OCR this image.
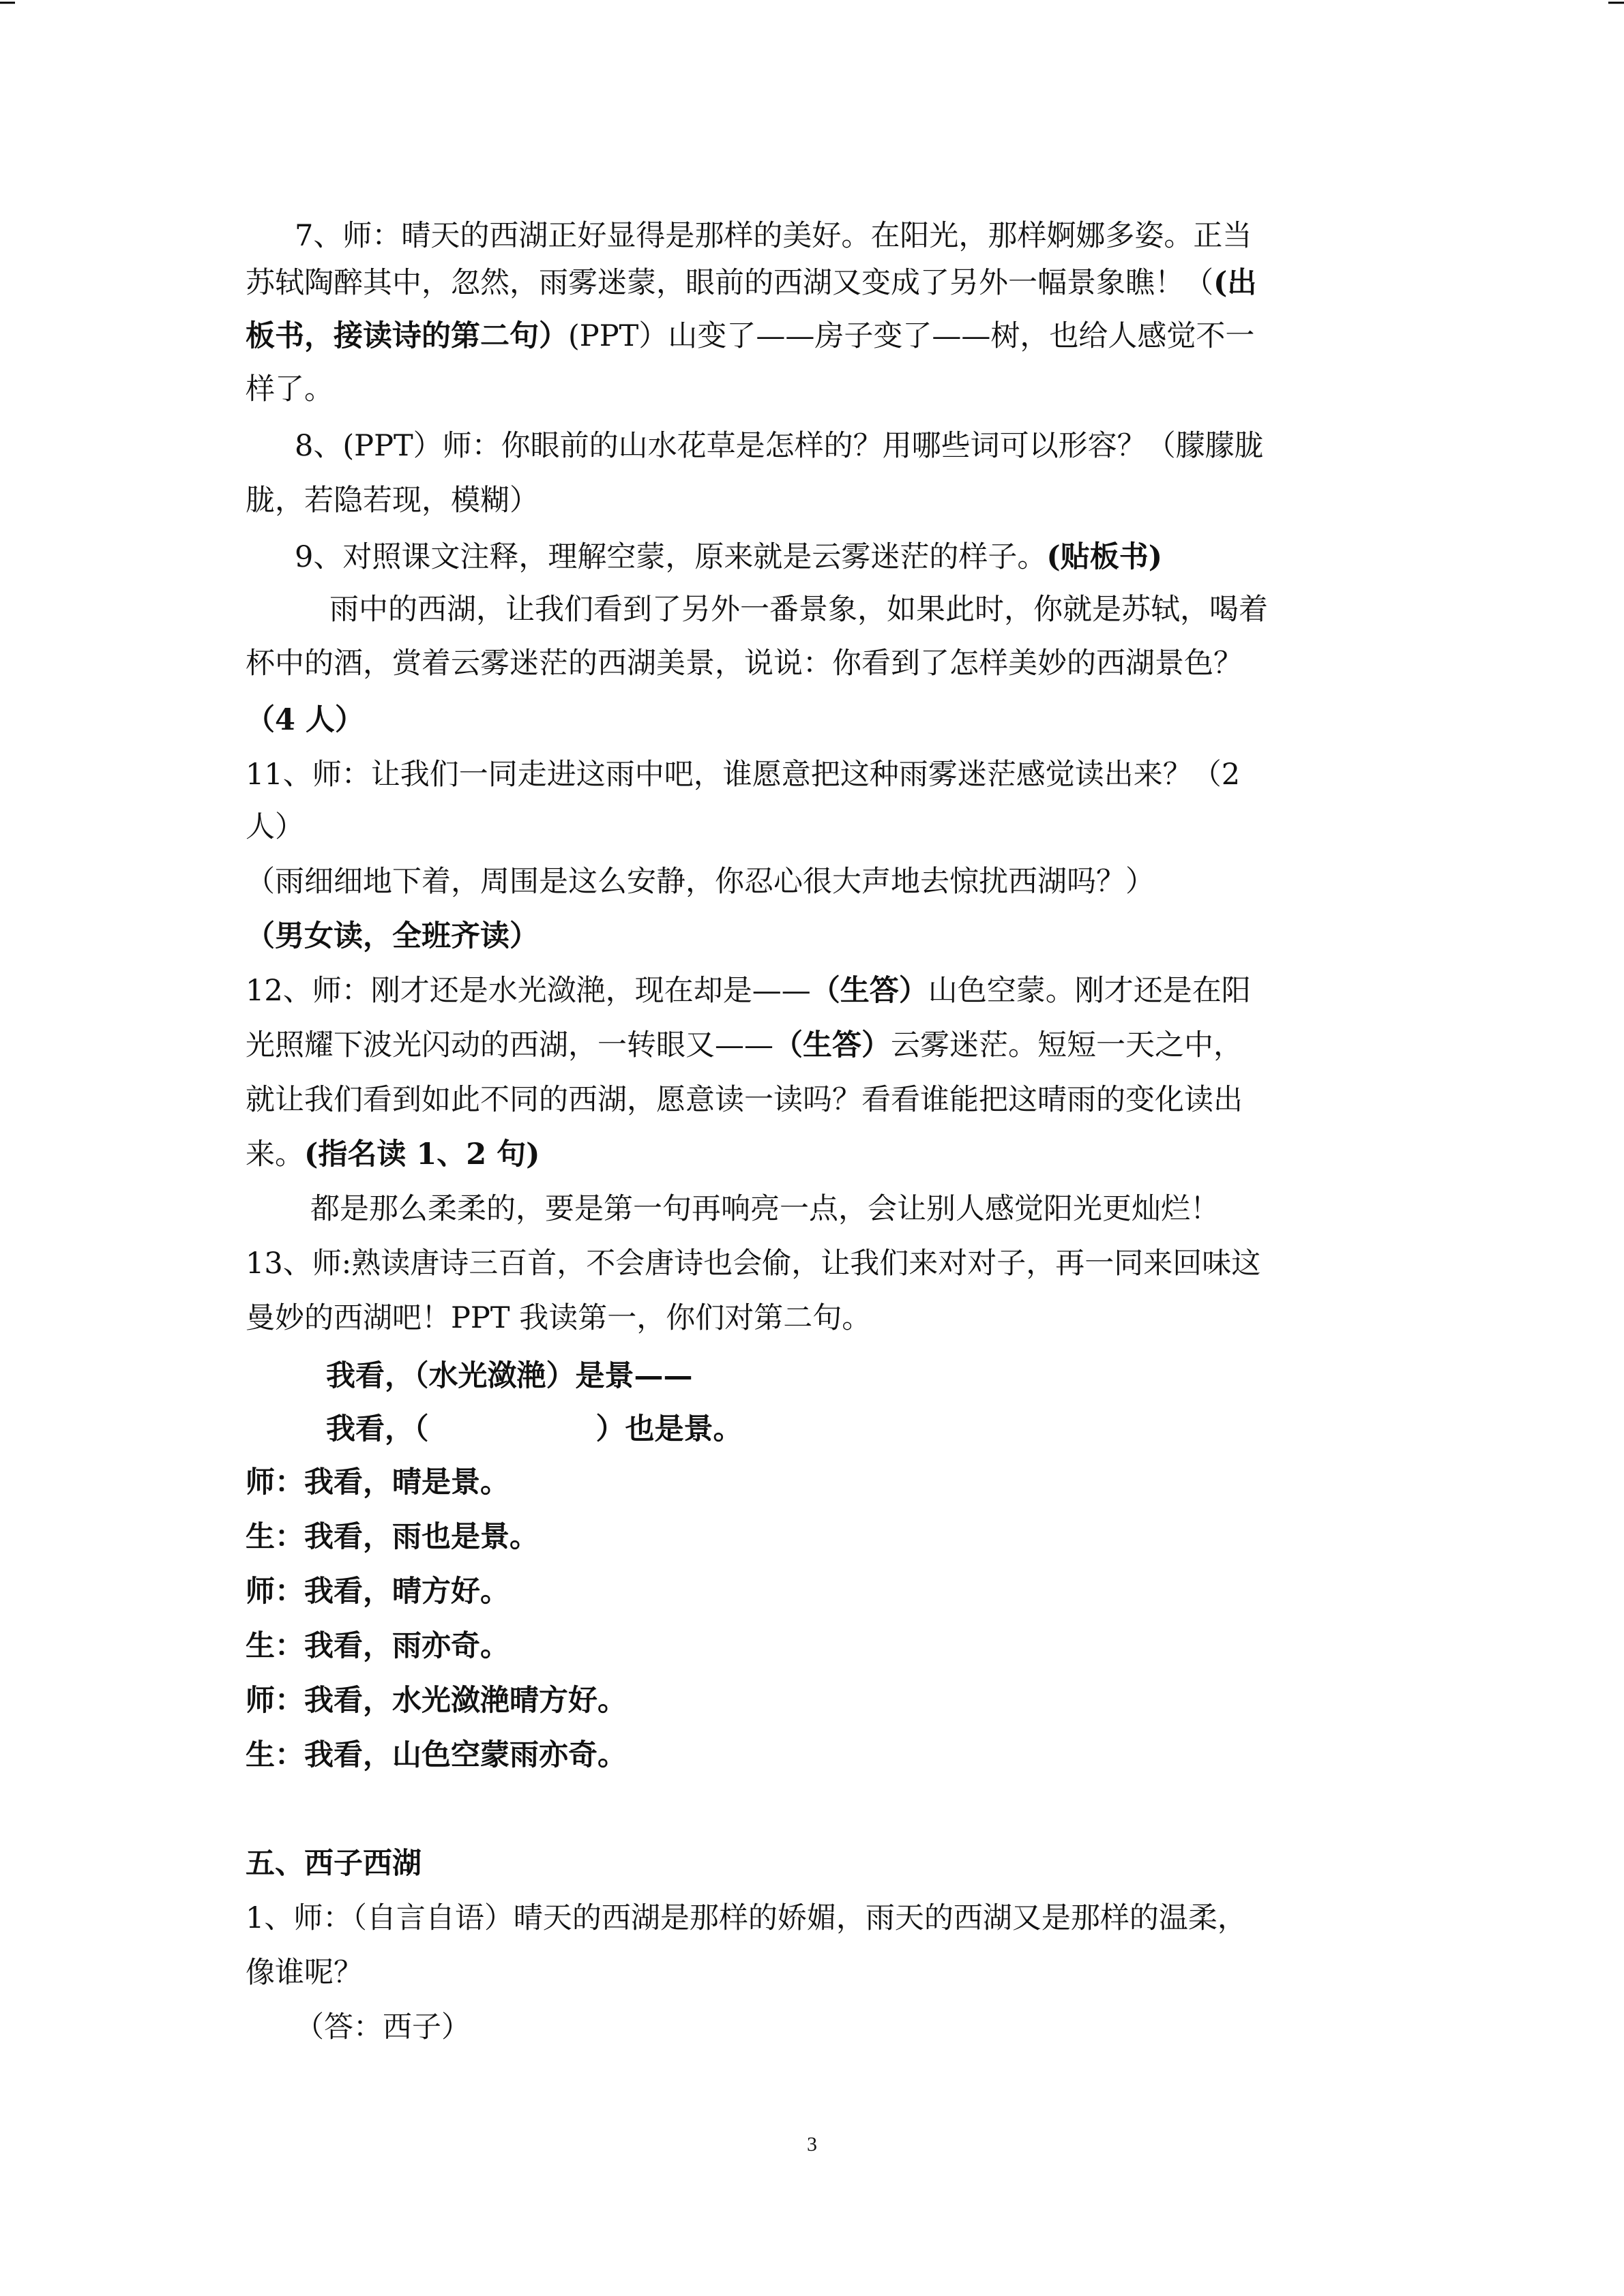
7、师：晴天的西湖正好显得是那样的美好。在阳光，那样婀娜多姿。正当
苏轼陶醉其中，忽然，雨雾迷蒙，眼前的西湖又变成了另外一幅景象瞧！（(出
板书，接读诗的第二句）(PPT）山变了——房子变了——树，也给人感觉不一
样了。
8、(PPT）师：你眼前的山水花草是怎样的？用哪些词可以形容？（朦朦胧
胧，若隐若现，模糊）
9、对照课文注释，理解空蒙，原来就是云雾迷茫的样子。(贴板书)
雨中的西湖，让我们看到了另外一番景象，如果此时，你就是苏轼，喝着
杯中的酒，赏着云雾迷茫的西湖美景，说说：你看到了怎样美妙的西湖景色？
（4 人）
11、师：让我们一同走进这雨中吧，谁愿意把这种雨雾迷茫感觉读出来？（2
人）
（雨细细地下着，周围是这么安静，你忍心很大声地去惊扰西湖吗？）
（男女读，全班齐读）
12、师：刚才还是水光潋滟，现在却是——（生答）山色空蒙。刚才还是在阳
光照耀下波光闪动的西湖，一转眼又——（生答）云雾迷茫。短短一天之中，
就让我们看到如此不同的西湖，愿意读一读吗？看看谁能把这晴雨的变化读出
来。(指名读 1、2 句)
都是那么柔柔的，要是第一句再响亮一点，会让别人感觉阳光更灿烂！
13、师:熟读唐诗三百首，不会唐诗也会偷，让我们来对对子，再一同来回味这
曼妙的西湖吧！PPT 我读第一，你们对第二句。
我看，（水光潋滟）是景——
我看，（	）也是景。
师：我看，晴是景。
生：我看，雨也是景。
师：我看，晴方好。
生：我看，雨亦奇。
师：我看，水光潋滟晴方好。
生：我看，山色空蒙雨亦奇。
五、西子西湖
1、师：（自言自语）晴天的西湖是那样的娇媚，雨天的西湖又是那样的温柔，
像谁呢？
（答：西子）
3
